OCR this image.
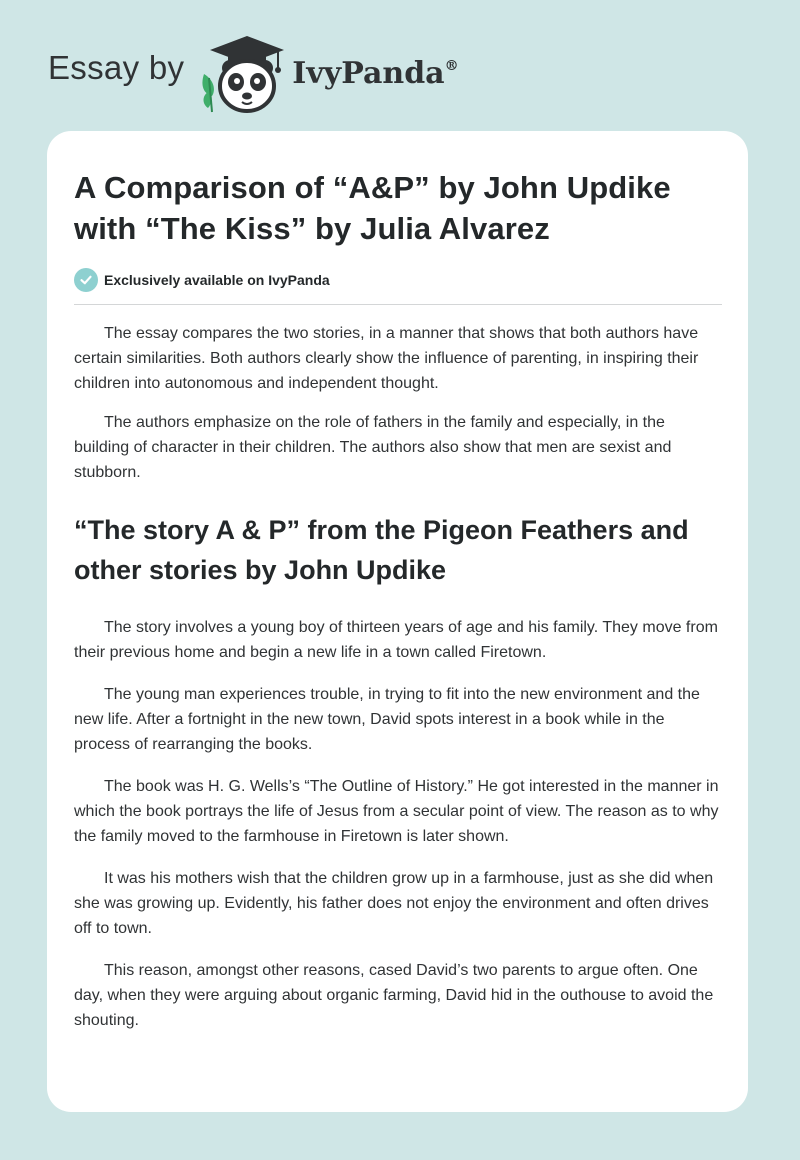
Essay by	IvyPanda®
A Comparison of “A&P” by John Updike with “The Kiss” by Julia Alvarez
Exclusively available on IvyPanda

The essay compares the two stories, in a manner that shows that both authors have certain similarities. Both authors clearly show the influence of parenting, in inspiring their children into autonomous and independent thought.

The authors emphasize on the role of fathers in the family and especially, in the building of character in their children. The authors also show that men are sexist and stubborn.

“The story A & P” from the Pigeon Feathers and other stories by John Updike

The story involves a young boy of thirteen years of age and his family. They move from their previous home and begin a new life in a town called Firetown.

The young man experiences trouble, in trying to fit into the new environment and the new life. After a fortnight in the new town, David spots interest in a book while in the process of rearranging the books.

The book was H. G. Wells’s “The Outline of History.” He got interested in the manner in which the book portrays the life of Jesus from a secular point of view. The reason as to why the family moved to the farmhouse in Firetown is later shown.

It was his mothers wish that the children grow up in a farmhouse, just as she did when she was growing up. Evidently, his father does not enjoy the environment and often drives off to town.

This reason, amongst other reasons, cased David’s two parents to argue often. One day, when they were arguing about organic farming, David hid in the outhouse to avoid the shouting.
